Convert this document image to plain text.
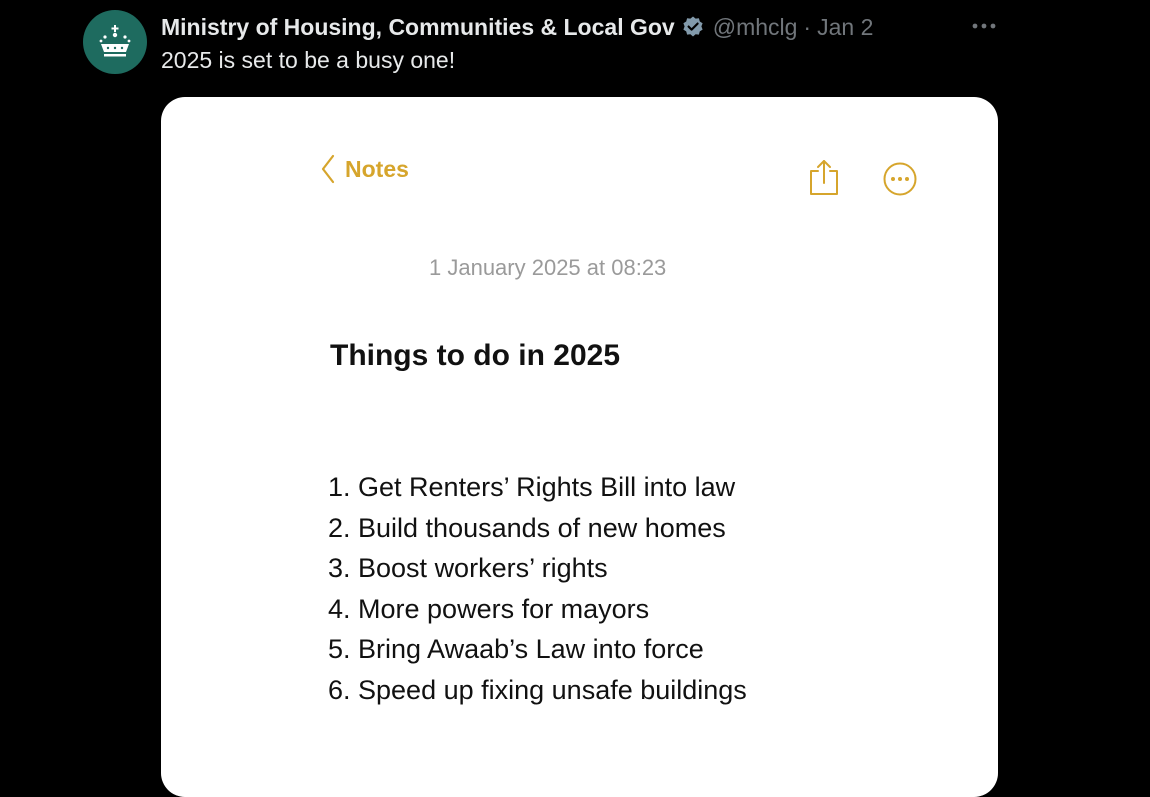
Ministry of Housing, Communities & Local Gov @mhclg · Jan 2
2025 is set to be a busy one!
Notes
1 January 2025 at 08:23
Things to do in 2025
1. Get Renters’ Rights Bill into law
2. Build thousands of new homes
3. Boost workers’ rights
4. More powers for mayors
5. Bring Awaab’s Law into force
6. Speed up fixing unsafe buildings
